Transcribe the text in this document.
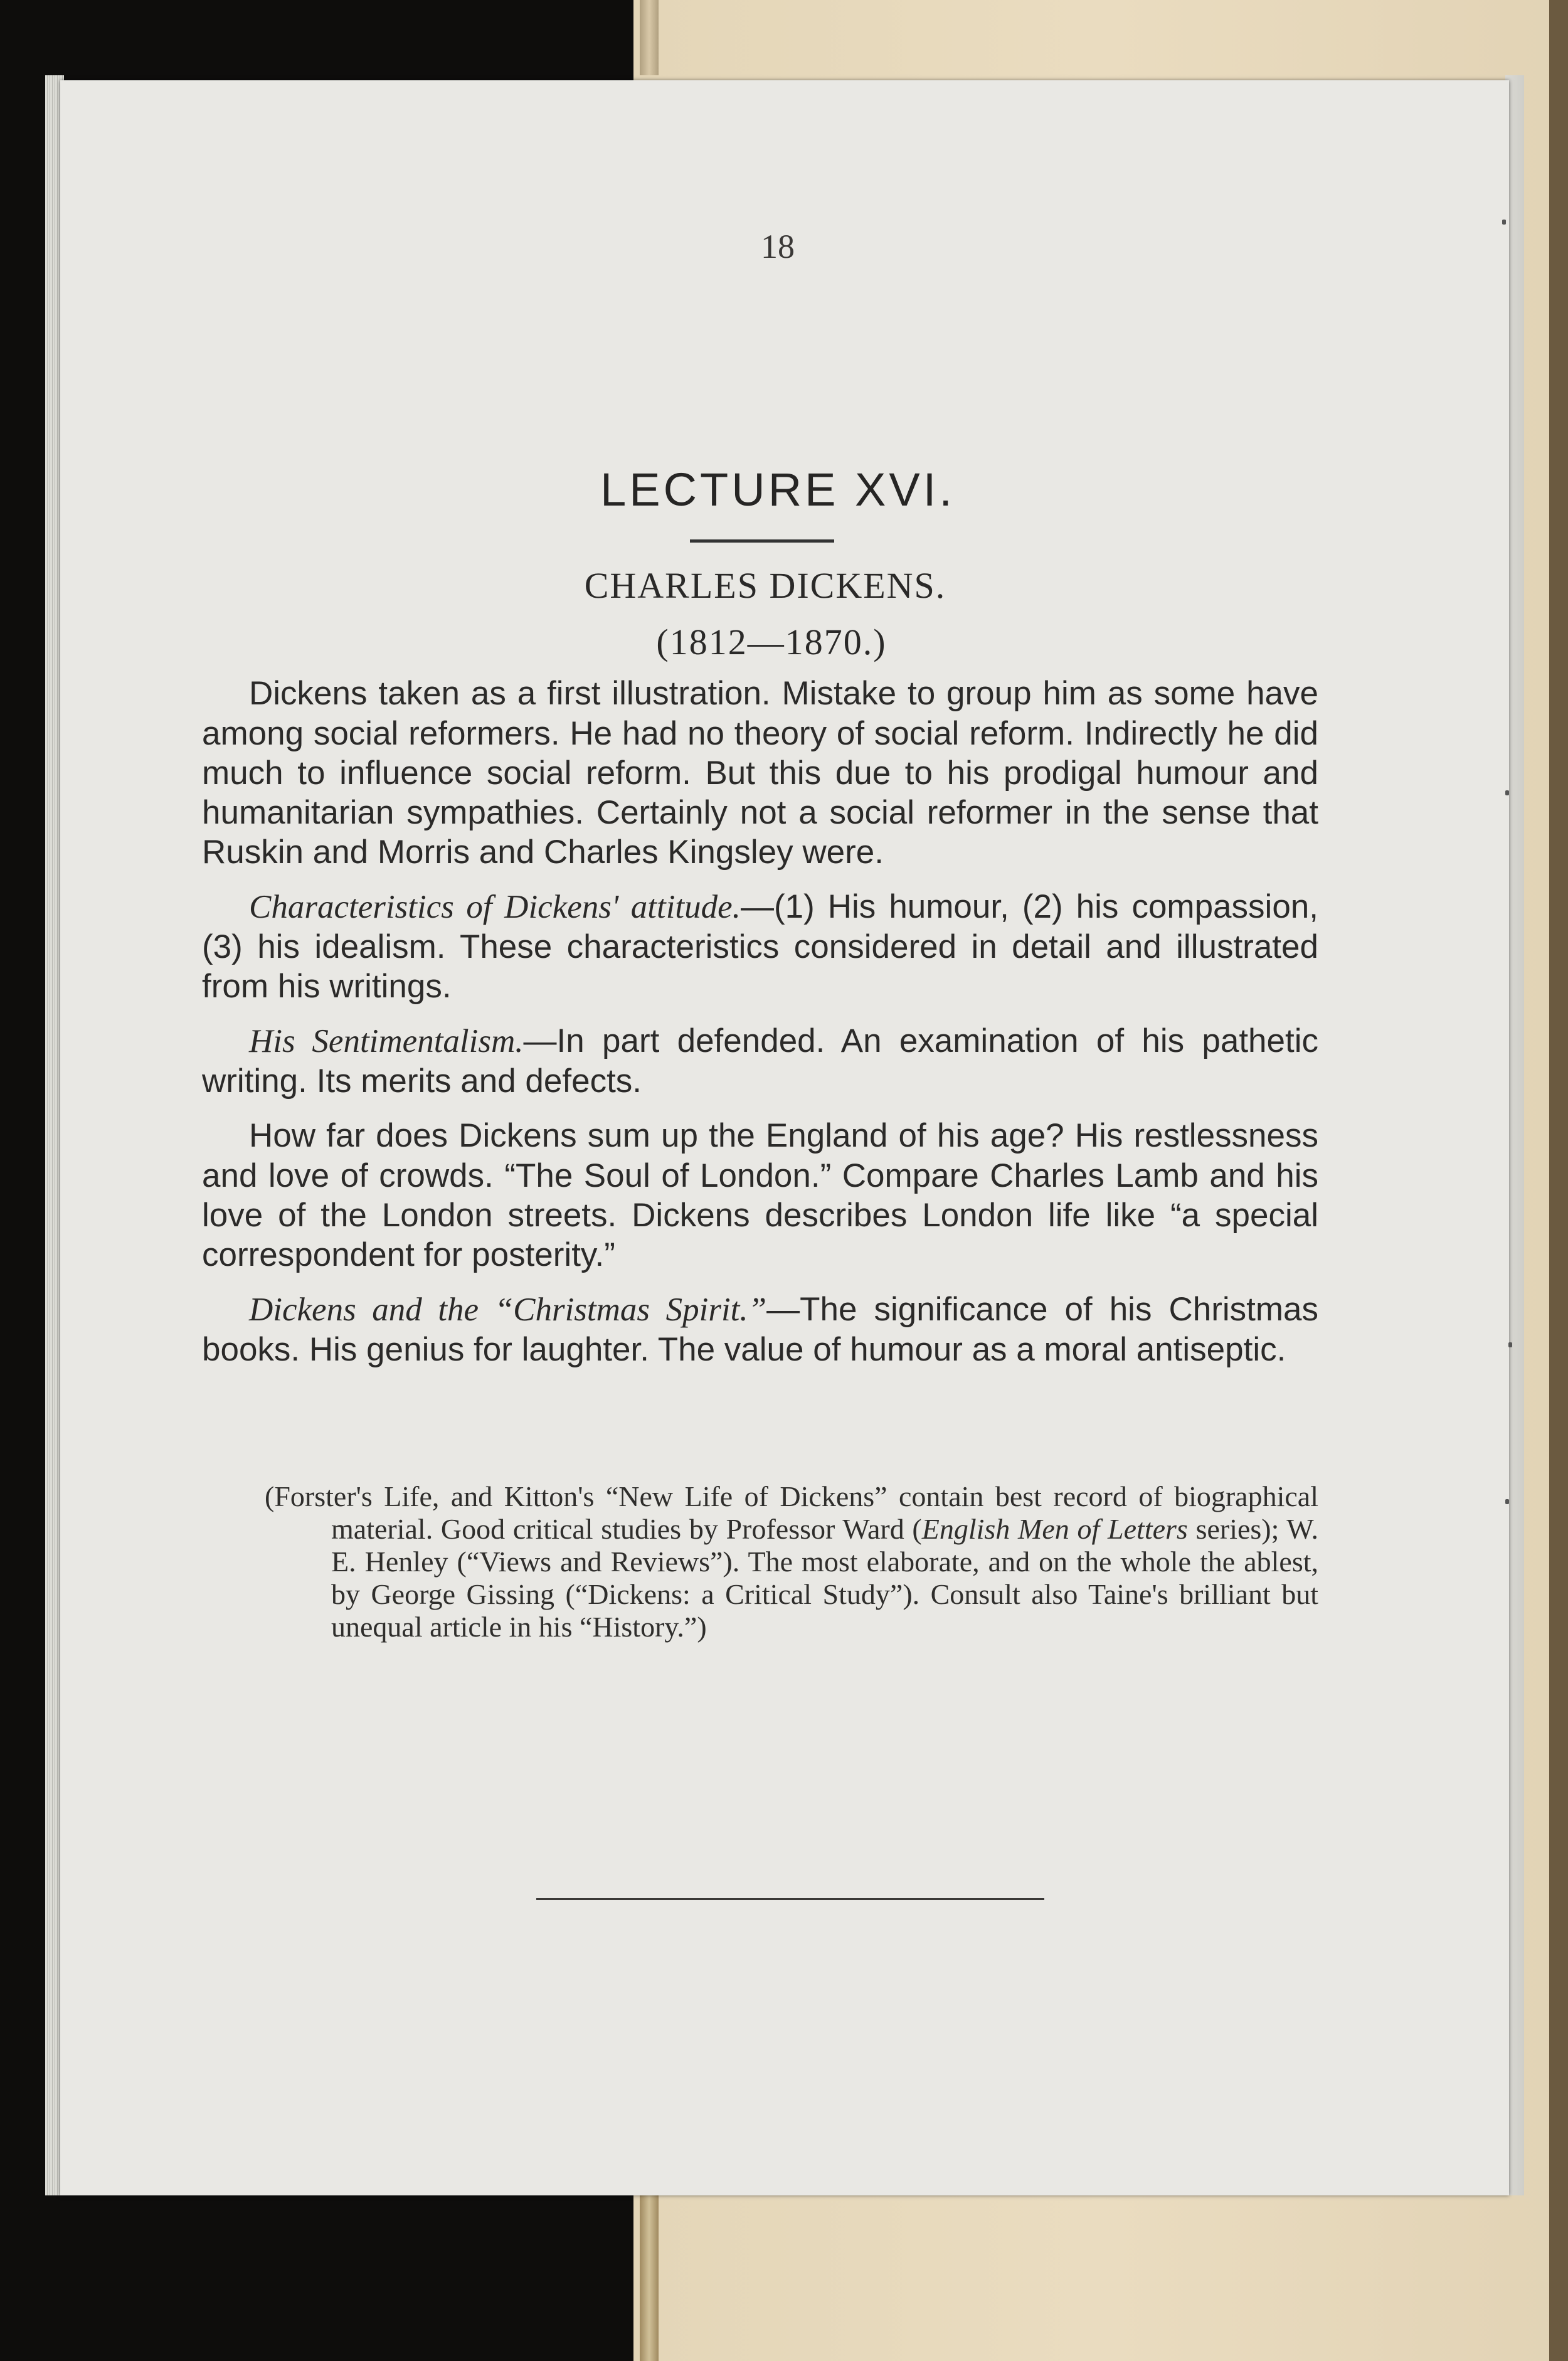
18
LECTURE XVI.
CHARLES DICKENS.
(1812—1870.)

Dickens taken as a first illustration. Mistake to group him as some have among social reformers. He had no theory of social reform. Indirectly he did much to influence social reform. But this due to his prodigal humour and humanitarian sympathies. Certainly not a social reformer in the sense that Ruskin and Morris and Charles Kingsley were.

Characteristics of Dickens' attitude.—(1) His humour, (2) his compassion, (3) his idealism. These characteristics considered in detail and illustrated from his writings.

His Sentimentalism.—In part defended. An examination of his pathetic writing. Its merits and defects.

How far does Dickens sum up the England of his age? His restlessness and love of crowds. “The Soul of London.” Compare Charles Lamb and his love of the London streets. Dickens describes London life like “a special correspondent for posterity.”

Dickens and the “Christmas Spirit.”—The significance of his Christmas books. His genius for laughter. The value of humour as a moral antiseptic.

(Forster's Life, and Kitton's “New Life of Dickens” contain best record of biographical material. Good critical studies by Professor Ward (English Men of Letters series); W. E. Henley (“Views and Reviews”). The most elaborate, and on the whole the ablest, by George Gissing (“Dickens: a Critical Study”). Consult also Taine's brilliant but unequal article in his “History.”)
